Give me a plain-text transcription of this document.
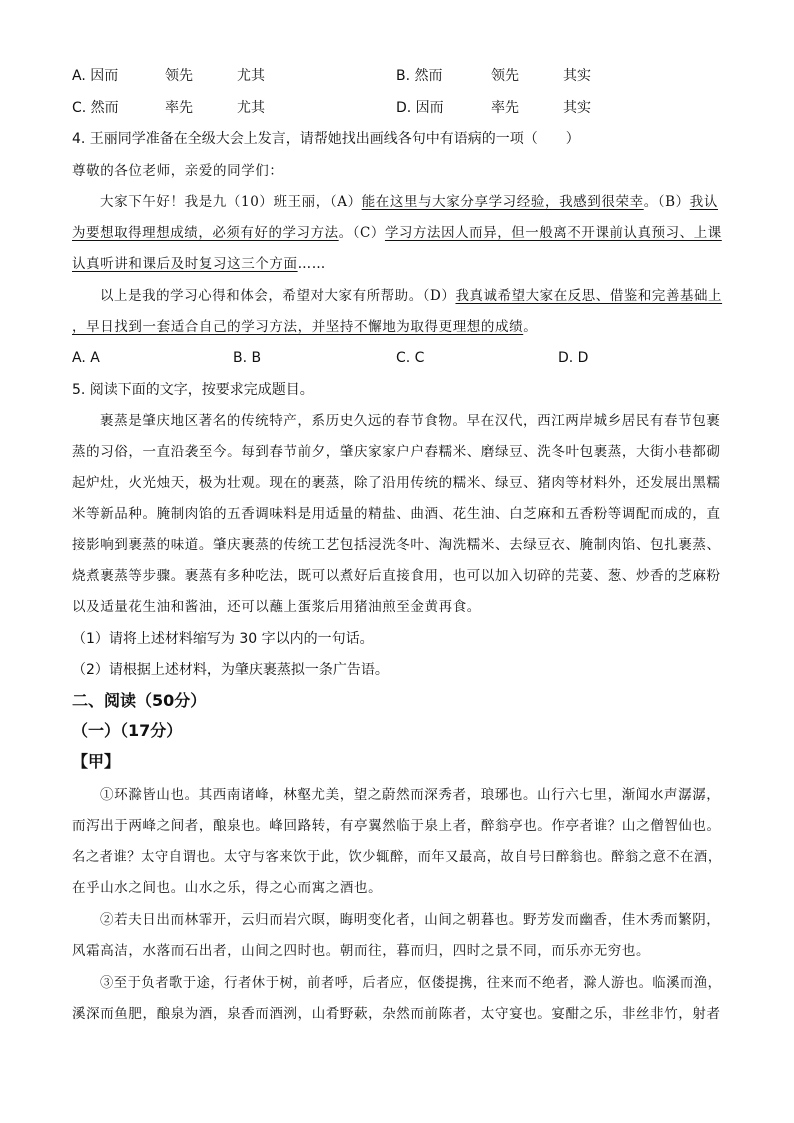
A. 因而	领先	尤其	B. 然而	领先	其实
C. 然而	率先	尤其	D. 因而	率先	其实
4. 王丽同学准备在全级大会上发言，请帮她找出画线各句中有语病的一项（　　）
尊敬的各位老师，亲爱的同学们：
大家下午好！我是九（10）班王丽，（A）能在这里与大家分享学习经验，我感到很荣幸。（B）我认
为要想取得理想成绩，必须有好的学习方法。（C）学习方法因人而异，但一般离不开课前认真预习、上课
认真听讲和课后及时复习这三个方面……
以上是我的学习心得和体会，希望对大家有所帮助。（D）我真诚希望大家在反思、借鉴和完善基础上
，早日找到一套适合自己的学习方法，并坚持不懈地为取得更理想的成绩。
A. A	B. B	C. C	D. D
5. 阅读下面的文字，按要求完成题目。
裹蒸是肇庆地区著名的传统特产，系历史久远的春节食物。早在汉代，西江两岸城乡居民有春节包裹
蒸的习俗，一直沿袭至今。每到春节前夕，肇庆家家户户舂糯米、磨绿豆、洗冬叶包裹蒸，大街小巷都砌
起炉灶，火光烛天，极为壮观。现在的裹蒸，除了沿用传统的糯米、绿豆、猪肉等材料外，还发展出黑糯
米等新品种。腌制肉馅的五香调味料是用适量的精盐、曲酒、花生油、白芝麻和五香粉等调配而成的，直
接影响到裹蒸的味道。肇庆裹蒸的传统工艺包括浸洗冬叶、淘洗糯米、去绿豆衣、腌制肉馅、包扎裹蒸、
烧煮裹蒸等步骤。裹蒸有多种吃法，既可以煮好后直接食用，也可以加入切碎的芫荽、葱、炒香的芝麻粉
以及适量花生油和酱油，还可以蘸上蛋浆后用猪油煎至金黄再食。
（1）请将上述材料缩写为 30 字以内的一句话。
（2）请根据上述材料，为肇庆裹蒸拟一条广告语。
二、阅读（50分）
（一）（17分）
【甲】
①环滁皆山也。其西南诸峰，林壑尤美，望之蔚然而深秀者，琅琊也。山行六七里，渐闻水声潺潺，
而泻出于两峰之间者，酿泉也。峰回路转，有亭翼然临于泉上者，醉翁亭也。作亭者谁？山之僧智仙也。
名之者谁？太守自谓也。太守与客来饮于此，饮少辄醉，而年又最高，故自号曰醉翁也。醉翁之意不在酒，
在乎山水之间也。山水之乐，得之心而寓之酒也。
②若夫日出而林霏开，云归而岩穴暝，晦明变化者，山间之朝暮也。野芳发而幽香，佳木秀而繁阴，
风霜高洁，水落而石出者，山间之四时也。朝而往，暮而归，四时之景不同，而乐亦无穷也。
③至于负者歌于途，行者休于树，前者呼，后者应，伛偻提携，往来而不绝者，滁人游也。临溪而渔，
溪深而鱼肥，酿泉为酒，泉香而酒洌，山肴野蔌，杂然而前陈者，太守宴也。宴酣之乐，非丝非竹，射者
